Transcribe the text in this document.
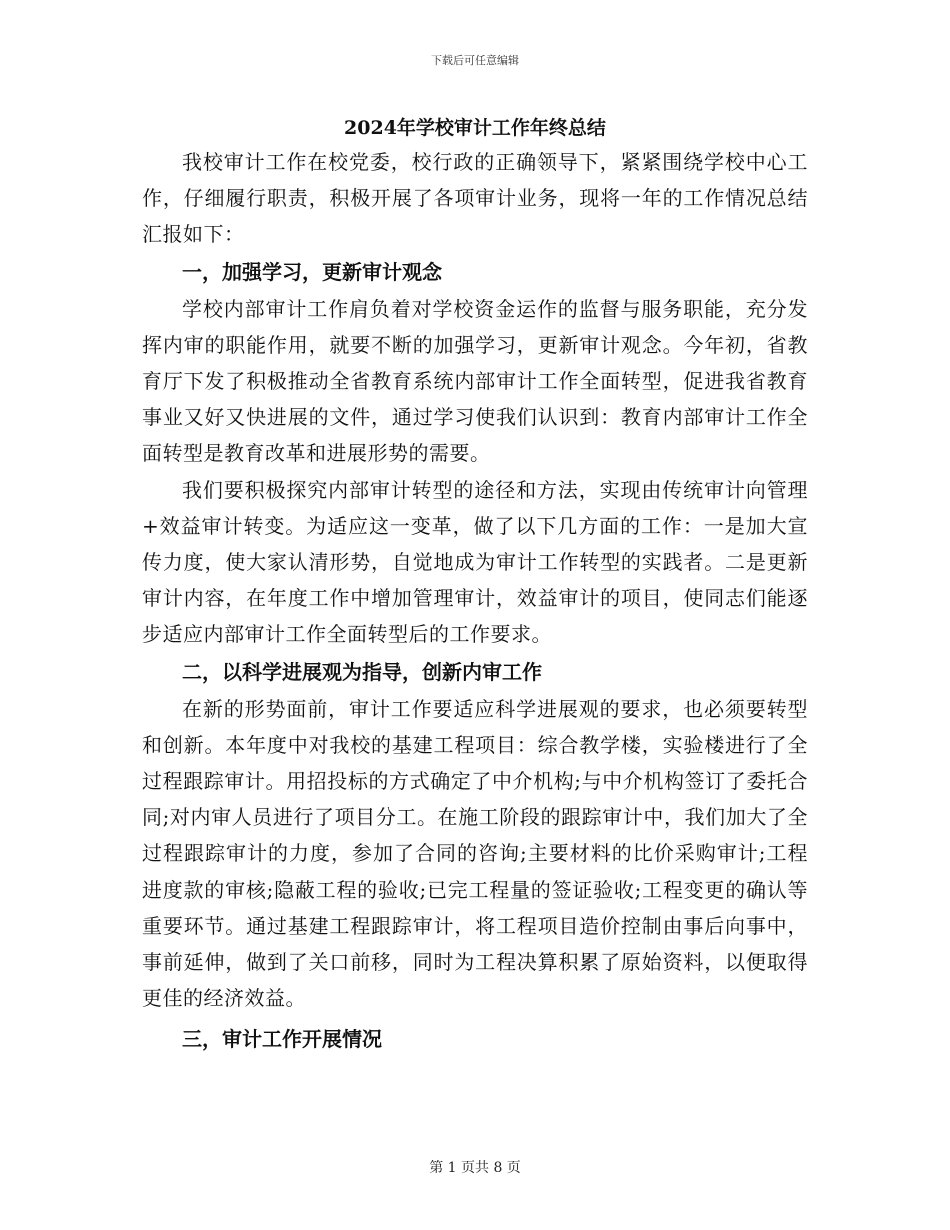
下载后可任意编辑
2024年学校审计工作年终总结

我校审计工作在校党委，校行政的正确领导下，紧紧围绕学校中心工作，仔细履行职责，积极开展了各项审计业务，现将一年的工作情况总结汇报如下：

一，加强学习，更新审计观念

学校内部审计工作肩负着对学校资金运作的监督与服务职能，充分发挥内审的职能作用，就要不断的加强学习，更新审计观念。今年初，省教育厅下发了积极推动全省教育系统内部审计工作全面转型，促进我省教育事业又好又快进展的文件，通过学习使我们认识到：教育内部审计工作全面转型是教育改革和进展形势的需要。

我们要积极探究内部审计转型的途径和方法，实现由传统审计向管理+效益审计转变。为适应这一变革，做了以下几方面的工作：一是加大宣传力度，使大家认清形势，自觉地成为审计工作转型的实践者。二是更新审计内容，在年度工作中增加管理审计，效益审计的项目，使同志们能逐步适应内部审计工作全面转型后的工作要求。

二，以科学进展观为指导，创新内审工作

在新的形势面前，审计工作要适应科学进展观的要求，也必须要转型和创新。本年度中对我校的基建工程项目：综合教学楼，实验楼进行了全过程跟踪审计。用招投标的方式确定了中介机构;与中介机构签订了委托合同;对内审人员进行了项目分工。在施工阶段的跟踪审计中，我们加大了全过程跟踪审计的力度，参加了合同的咨询;主要材料的比价采购审计;工程进度款的审核;隐蔽工程的验收;已完工程量的签证验收;工程变更的确认等重要环节。通过基建工程跟踪审计，将工程项目造价控制由事后向事中，事前延伸，做到了关口前移，同时为工程决算积累了原始资料，以便取得更佳的经济效益。

三，审计工作开展情况
第 1 页共 8 页
